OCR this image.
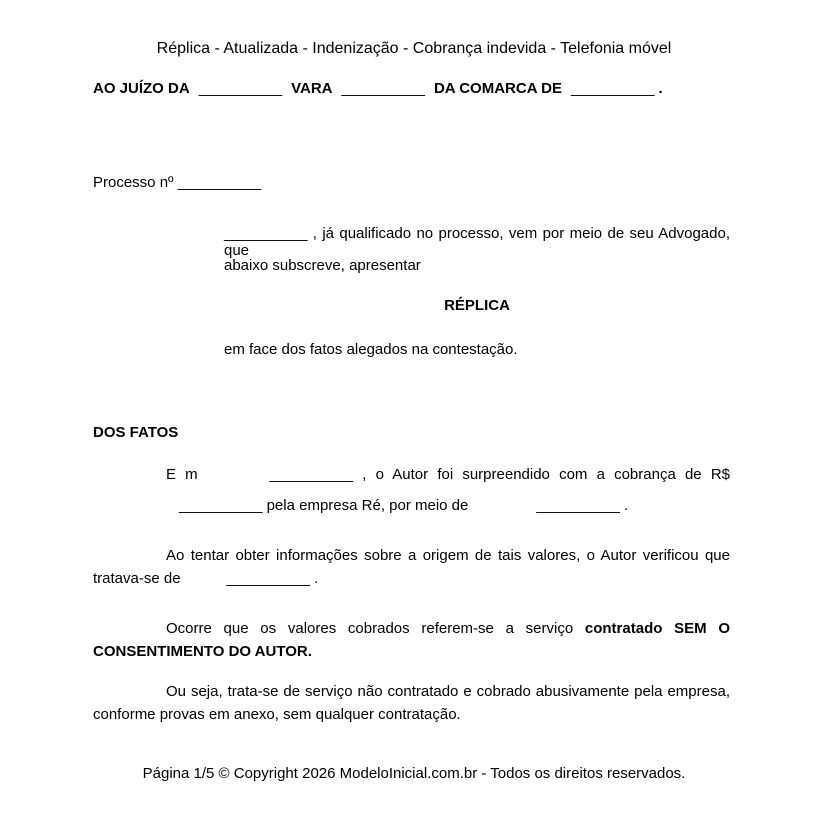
Réplica - Atualizada - Indenização - Cobrança indevida - Telefonia móvel
AO JUÍZO DA __________ VARA __________ DA COMARCA DE __________ .
Processo nº __________
__________ , já qualificado no processo, vem por meio de seu Advogado, que
abaixo subscreve, apresentar
RÉPLICA
em face dos fatos alegados na contestação.
DOS FATOS
E m	__________ , o Autor foi surpreendido com a cobrança de R$
__________ pela empresa Ré, por meio de	__________ .
Ao tentar obter informações sobre a origem de tais valores, o Autor verificou que
tratava-se de	__________ .
Ocorre que os valores cobrados referem-se a serviço contratado SEM O
CONSENTIMENTO DO AUTOR.
Ou seja, trata-se de serviço não contratado e cobrado abusivamente pela empresa,
conforme provas em anexo, sem qualquer contratação.
Página 1/5 © Copyright 2026 ModeloInicial.com.br - Todos os direitos reservados.
